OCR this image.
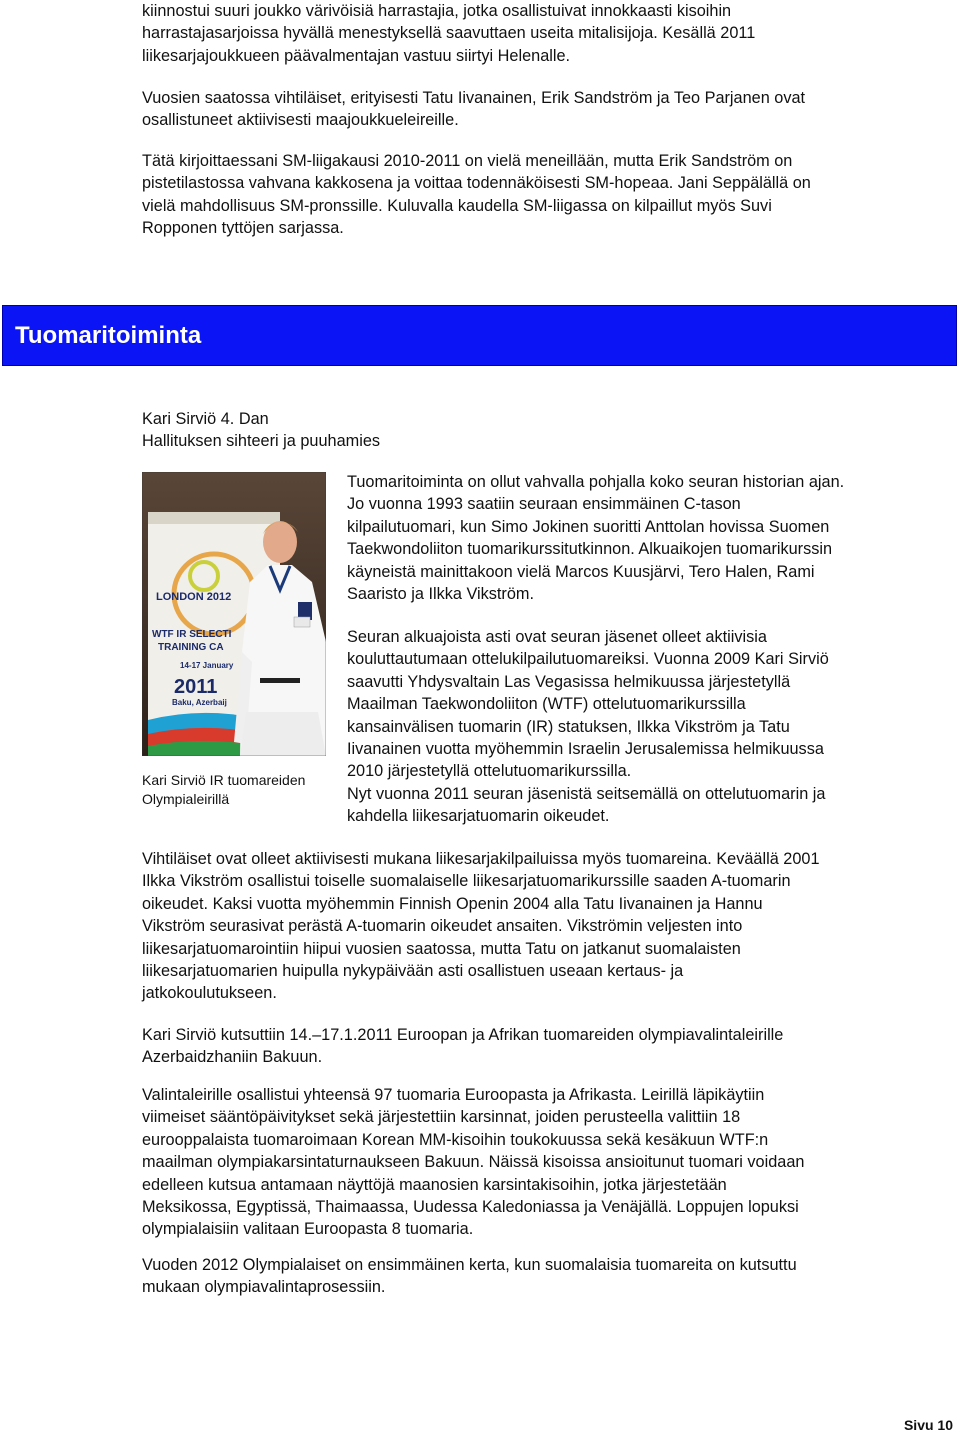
kiinnostui suuri joukko värivöisiä harrastajia, jotka osallistuivat innokkaasti kisoihin
harrastajasarjoissa hyvällä menestyksellä saavuttaen useita mitalisijoja. Kesällä 2011
liikesarjajoukkueen päävalmentajan vastuu siirtyi Helenalle.

Vuosien saatossa vihtiläiset, erityisesti Tatu Iivanainen, Erik Sandström ja Teo Parjanen ovat
osallistuneet aktiivisesti maajoukkueleireille.

Tätä kirjoittaessani SM-liigakausi 2010-2011 on vielä meneillään, mutta Erik Sandström on
pistetilastossa vahvana kakkosena ja voittaa todennäköisesti SM-hopeaa. Jani Seppälällä on
vielä mahdollisuus SM-pronssille. Kuluvalla kaudella SM-liigassa on kilpaillut myös Suvi
Ropponen tyttöjen sarjassa.

Tuomaritoiminta
Kari Sirviö 4. Dan
Hallituksen sihteeri ja puuhamies
LONDON 2012
WTF IR SELECTI
TRAINING CA
14-17 January
2011
Baku, Azerbaij
Kari Sirviö IR tuomareiden
Olympialeirillä

Tuomaritoiminta on ollut vahvalla pohjalla koko seuran historian ajan.
Jo vuonna 1993 saatiin seuraan ensimmäinen C-tason
kilpailutuomari, kun Simo Jokinen suoritti Anttolan hovissa Suomen
Taekwondoliiton tuomarikurssitutkinnon. Alkuaikojen tuomarikurssin
käyneistä mainittakoon vielä Marcos Kuusjärvi, Tero Halen, Rami
Saaristo ja Ilkka Vikström.

Seuran alkuajoista asti ovat seuran jäsenet olleet aktiivisia
kouluttautumaan ottelukilpailutuomareiksi. Vuonna 2009 Kari Sirviö
saavutti Yhdysvaltain Las Vegasissa helmikuussa järjestetyllä
Maailman Taekwondoliiton (WTF) ottelutuomarikurssilla
kansainvälisen tuomarin (IR) statuksen, Ilkka Vikström ja Tatu
Iivanainen vuotta myöhemmin Israelin Jerusalemissa helmikuussa
2010 järjestetyllä ottelutuomarikurssilla.
Nyt vuonna 2011 seuran jäsenistä seitsemällä on ottelutuomarin ja
kahdella liikesarjatuomarin oikeudet.

Vihtiläiset ovat olleet aktiivisesti mukana liikesarjakilpailuissa myös tuomareina. Keväällä 2001
Ilkka Vikström osallistui toiselle suomalaiselle liikesarjatuomarikurssille saaden A-tuomarin
oikeudet. Kaksi vuotta myöhemmin Finnish Openin 2004 alla Tatu Iivanainen ja Hannu
Vikström seurasivat perästä A-tuomarin oikeudet ansaiten. Vikströmin veljesten into
liikesarjatuomarointiin hiipui vuosien saatossa, mutta Tatu on jatkanut suomalaisten
liikesarjatuomarien huipulla nykypäivään asti osallistuen useaan kertaus- ja
jatkokoulutukseen.

Kari Sirviö kutsuttiin 14.–17.1.2011 Euroopan ja Afrikan tuomareiden olympiavalintaleirille
Azerbaidzhaniin Bakuun.

Valintaleirille osallistui yhteensä 97 tuomaria Euroopasta ja Afrikasta. Leirillä läpikäytiin
viimeiset sääntöpäivitykset sekä järjestettiin karsinnat, joiden perusteella valittiin 18
eurooppalaista tuomaroimaan Korean MM-kisoihin toukokuussa sekä kesäkuun WTF:n
maailman olympiakarsintaturnaukseen Bakuun. Näissä kisoissa ansioitunut tuomari voidaan
edelleen kutsua antamaan näyttöjä maanosien karsintakisoihin, jotka järjestetään
Meksikossa, Egyptissä, Thaimaassa, Uudessa Kaledoniassa ja Venäjällä. Loppujen lopuksi
olympialaisiin valitaan Euroopasta 8 tuomaria.

Vuoden 2012 Olympialaiset on ensimmäinen kerta, kun suomalaisia tuomareita on kutsuttu
mukaan olympiavalintaprosessiin.

Sivu 10
